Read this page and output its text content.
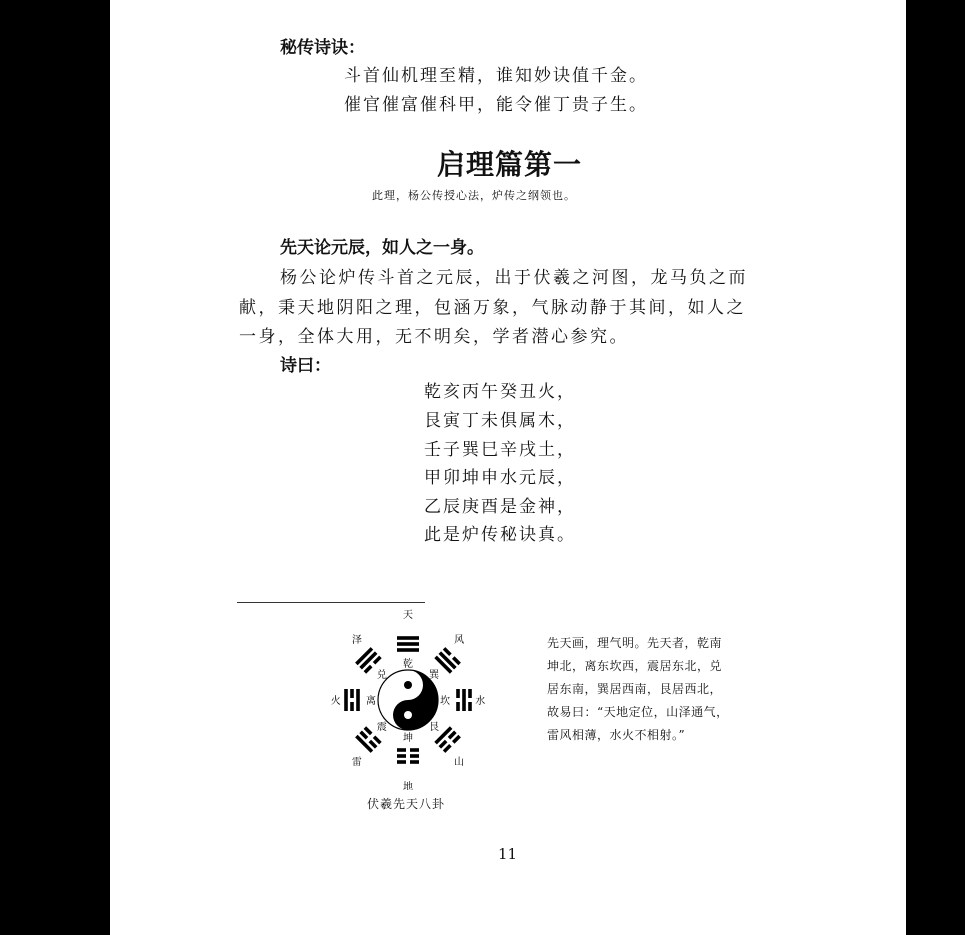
秘传诗诀：
斗首仙机理至精，谁知妙诀值千金。
催官催富催科甲，能令催丁贵子生。
启理篇第一
此理，杨公传授心法，炉传之纲领也。
先天论元辰，如人之一身。
杨公论炉传斗首之元辰，出于伏羲之河图，龙马负之而
献，秉天地阴阳之理，包涵万象，气脉动静于其间，如人之
一身，全体大用，无不明矣，学者潜心参究。
诗曰：
乾亥丙午癸丑火，
艮寅丁未俱属木，
壬子巽巳辛戌土，
甲卯坤申水元辰，
乙辰庚酉是金神，
此是炉传秘诀真。
乾
天
巽
风
坎	水
艮
山
坤
地
震
雷
离
火
兑
泽
伏羲先天八卦
先天画，理气明。先天者，乾南坤北，离东坎西，震居东北，兑居东南，巽居西南，艮居西北，故易曰：“天地定位，山泽通气，雷风相薄，水火不相射。”
11
